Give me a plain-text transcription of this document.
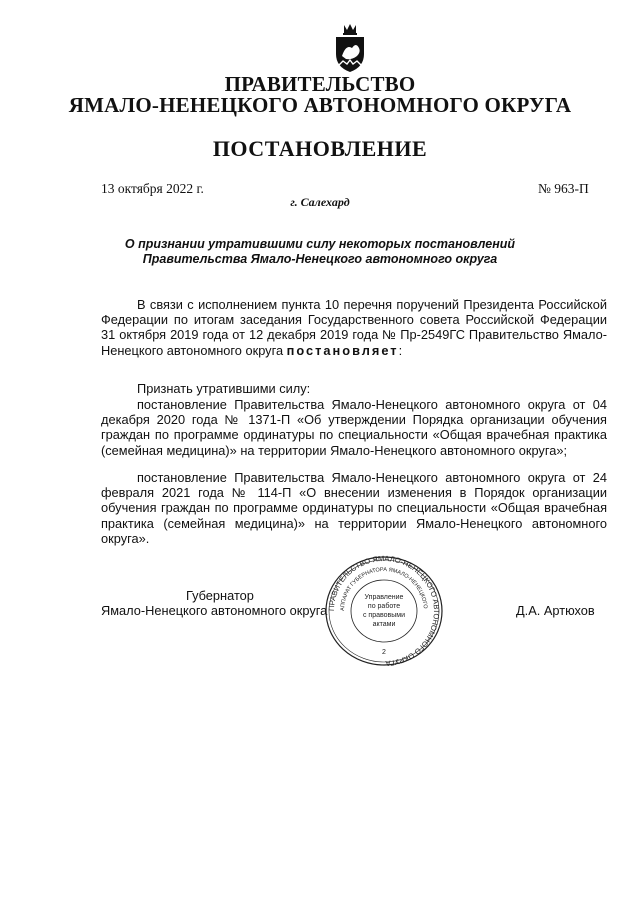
ПРАВИТЕЛЬСТВО
ЯМАЛО-НЕНЕЦКОГО АВТОНОМНОГО ОКРУГА
ПОСТАНОВЛЕНИЕ
13 октября 2022 г.	№ 963-П
г. Салехард
О признании утратившими силу некоторых постановлений
Правительства Ямало-Ненецкого автономного округа
В связи с исполнением пункта 10 перечня поручений Президента Российской Федерации по итогам заседания Государственного совета Российской Федерации 31 октября 2019 года от 12 декабря 2019 года № Пр-2549ГС Правительство Ямало-Ненецкого автономного округа постановляет:
Признать утратившими силу:
постановление Правительства Ямало-Ненецкого автономного округа от 04 декабря 2020 года № 1371-П «Об утверждении Порядка организации обучения граждан по программе ординатуры по специальности «Общая врачебная практика (семейная медицина)» на территории Ямало-Ненецкого автономного округа»;
постановление Правительства Ямало-Ненецкого автономного округа от 24 февраля 2021 года № 114-П «О внесении изменения в Порядок организации обучения граждан по программе ординатуры по специальности «Общая врачебная практика (семейная медицина)» на территории Ямало-Ненецкого автономного округа».
Губернатор
Ямало-Ненецкого автономного округа	Д.А. Артюхов
ПРАВИТЕЛЬСТВО ЯМАЛО-НЕНЕЦКОГО АВТОНОМНОГО ОКРУГА
АППАРАТ ГУБЕРНАТОРА ЯМАЛО-НЕНЕЦКОГО
Управление
по работе
с правовыми
актами
2
